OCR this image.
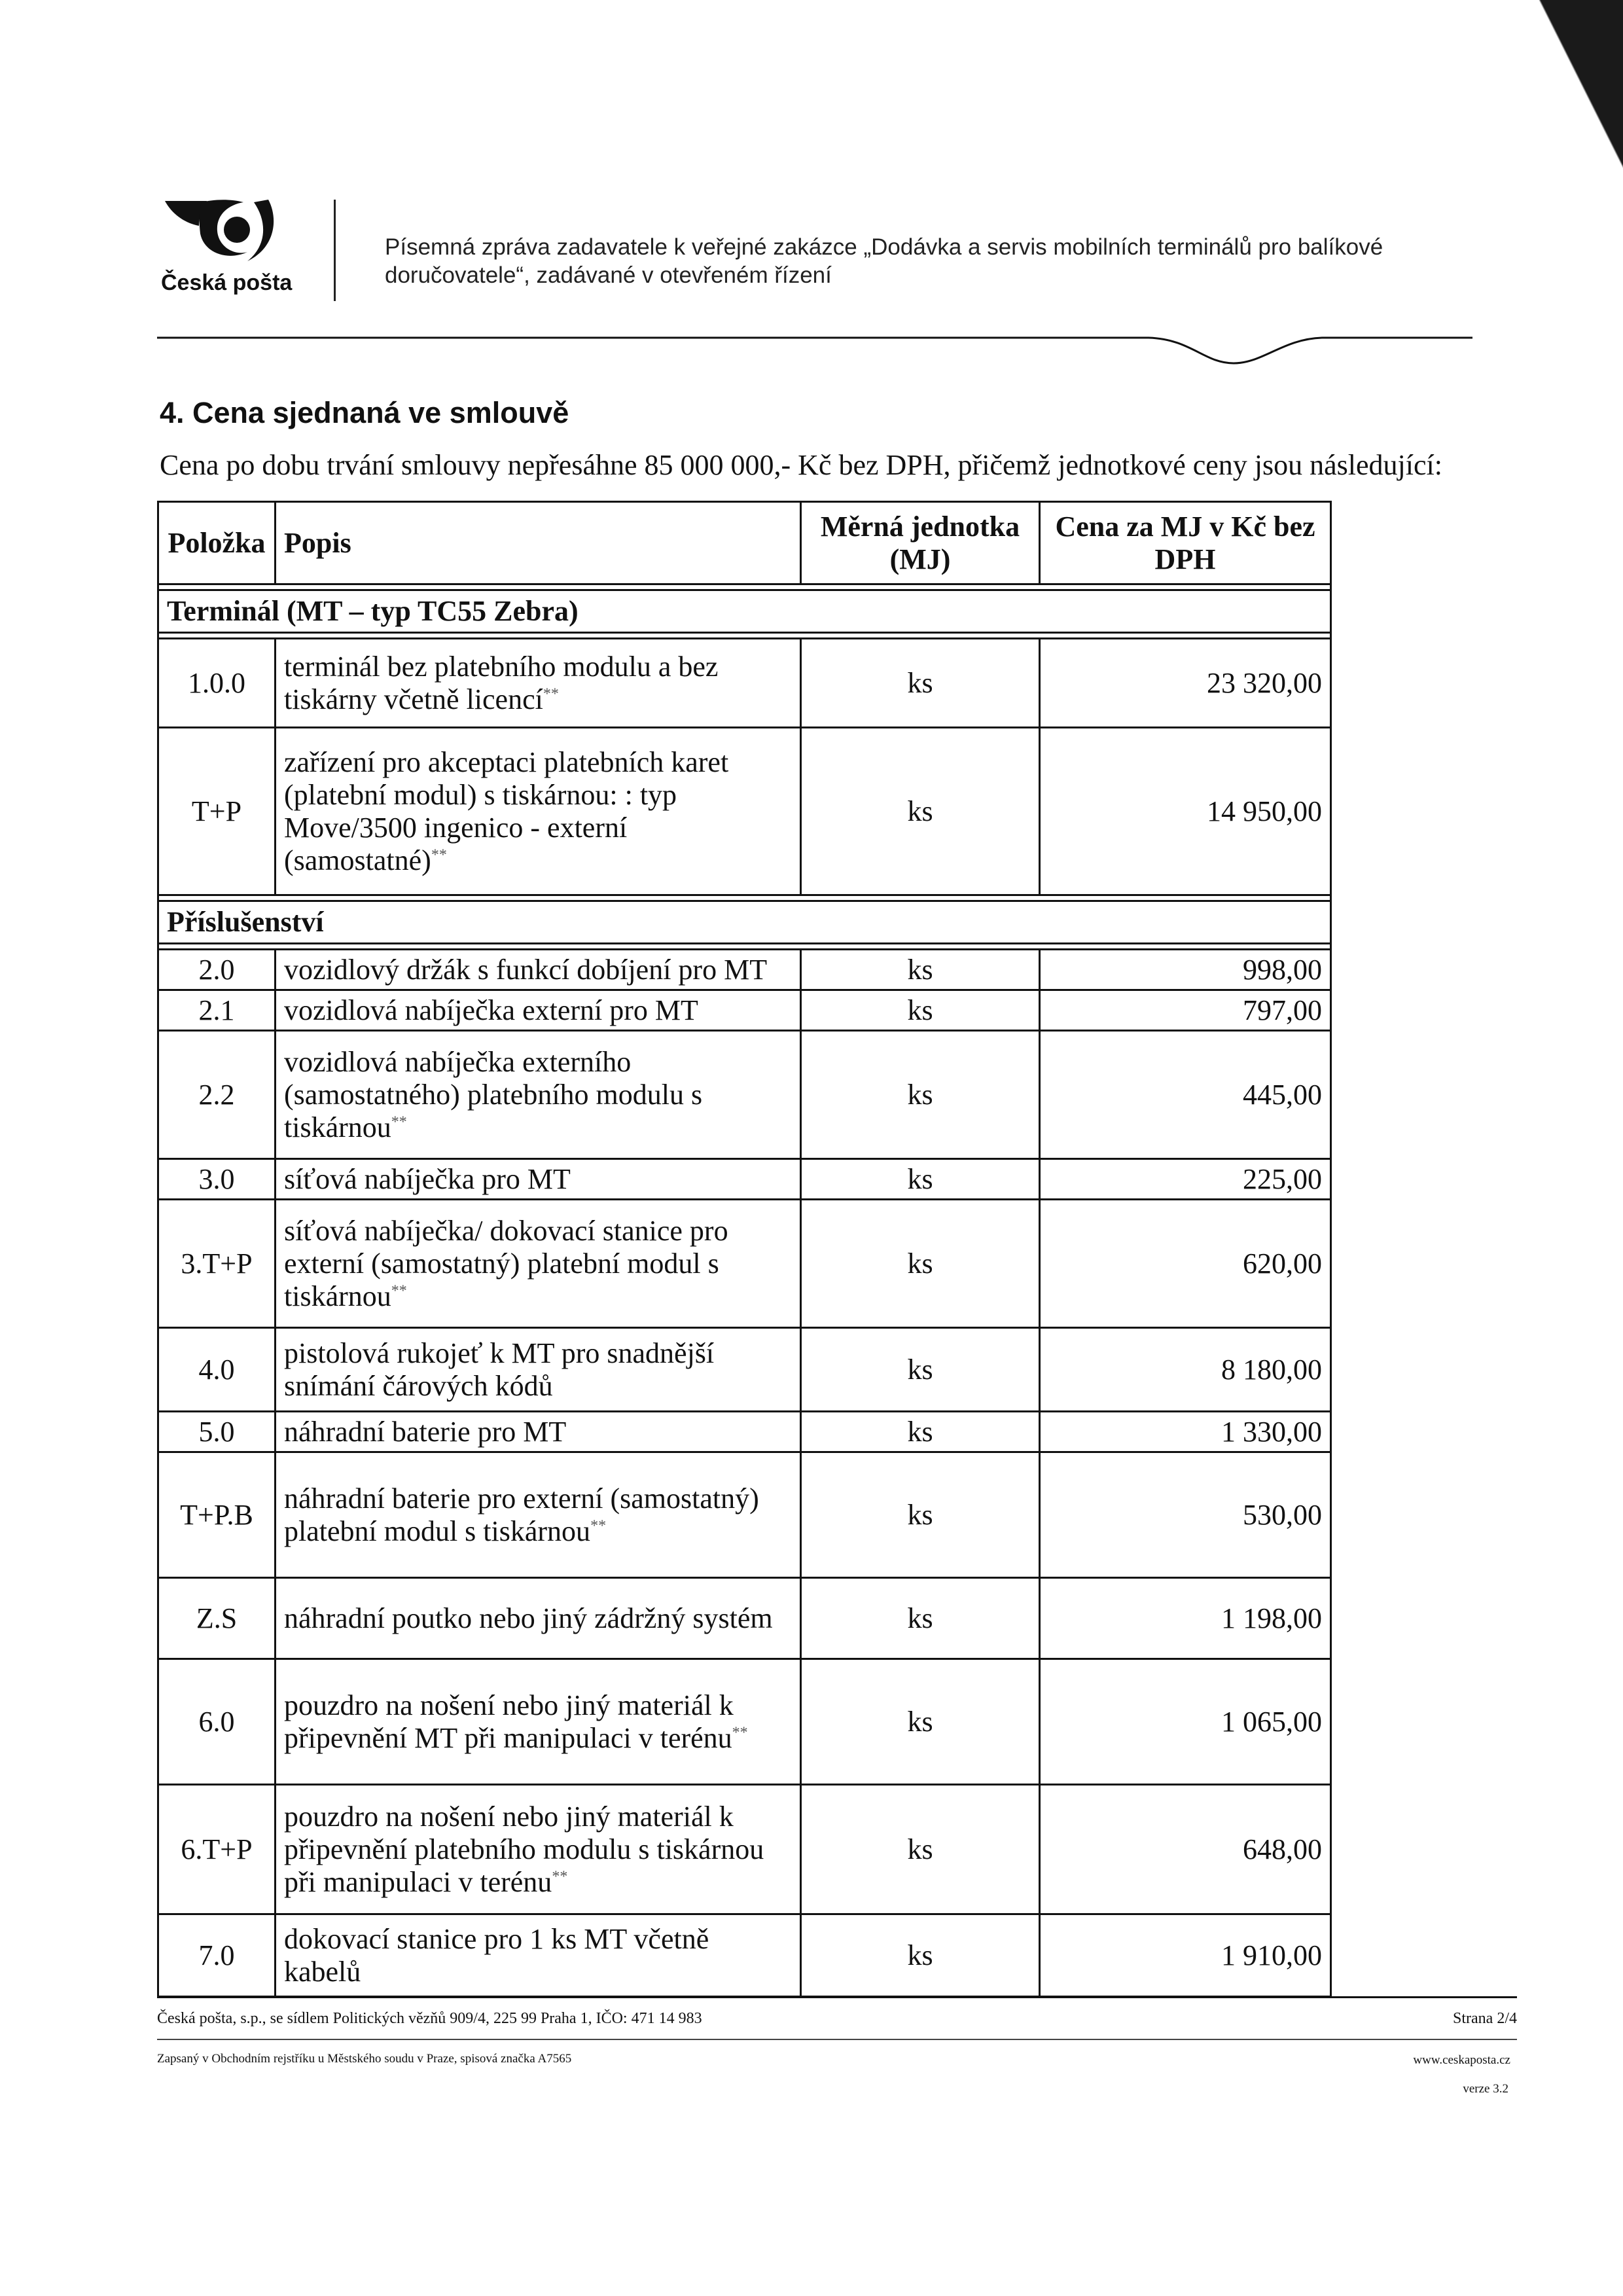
Česká pošta
Písemná zpráva zadavatele k veřejné zakázce „Dodávka a servis mobilních terminálů pro balíkové doručovatele“, zadávané v otevřeném řízení
4. Cena sjednaná ve smlouvě

Cena po dobu trvání smlouvy nepřesáhne 85 000 000,- Kč bez DPH, přičemž jednotkové ceny jsou následující:

Položka	Popis	Měrná jednotka (MJ)	Cena za MJ v Kč bez DPH

Terminál (MT – typ TC55 Zebra)			

1.0.0	terminál bez platebního modulu a bez tiskárny včetně licencí**	ks	23 320,00
T+P	zařízení pro akceptaci platebních karet (platební modul) s tiskárnou: : typ Move/3500 ingenico - externí (samostatné)**	ks	14 950,00

Příslušenství			

2.0	vozidlový držák s funkcí dobíjení pro MT	ks	998,00
2.1	vozidlová nabíječka externí pro MT	ks	797,00
2.2	vozidlová nabíječka externího (samostatného) platebního modulu s tiskárnou**	ks	445,00
3.0	síťová nabíječka pro MT	ks	225,00
3.T+P	síťová nabíječka/ dokovací stanice pro externí (samostatný) platební modul s tiskárnou**	ks	620,00
4.0	pistolová rukojeť k MT pro snadnější snímání čárových kódů	ks	8 180,00
5.0	náhradní baterie pro MT	ks	1 330,00
T+P.B	náhradní baterie pro externí (samostatný) platební modul s tiskárnou**	ks	530,00
Z.S	náhradní poutko nebo jiný zádržný systém	ks	1 198,00
6.0	pouzdro na nošení nebo jiný materiál k připevnění MT při manipulaci v terénu**	ks	1 065,00
6.T+P	pouzdro na nošení nebo jiný materiál k připevnění platebního modulu s tiskárnou při manipulaci v terénu**	ks	648,00
7.0	dokovací stanice pro 1 ks MT včetně kabelů	ks	1 910,00
Česká pošta, s.p., se sídlem Politických vězňů 909/4, 225 99 Praha 1, IČO: 471 14 983	Strana 2/4
Zapsaný v Obchodním rejstříku u Městského soudu v Praze, spisová značka A7565	www.ceskaposta.cz
verze 3.2
